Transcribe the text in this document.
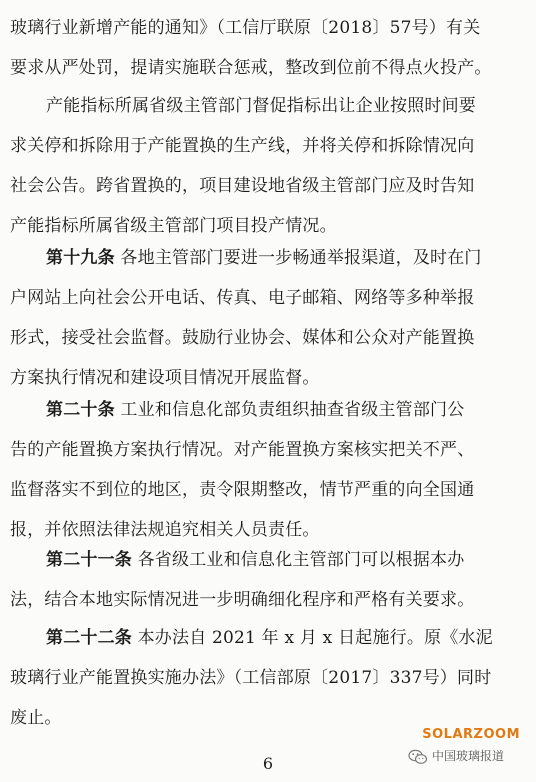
玻璃行业新增产能的通知》（工信厅联原〔2018〕57号）有关
要求从严处罚，提请实施联合惩戒，整改到位前不得点火投产。
产能指标所属省级主管部门督促指标出让企业按照时间要
求关停和拆除用于产能置换的生产线，并将关停和拆除情况向
社会公告。跨省置换的，项目建设地省级主管部门应及时告知
产能指标所属省级主管部门项目投产情况。
第十九条 各地主管部门要进一步畅通举报渠道，及时在门
户网站上向社会公开电话、传真、电子邮箱、网络等多种举报
形式，接受社会监督。鼓励行业协会、媒体和公众对产能置换
方案执行情况和建设项目情况开展监督。
第二十条 工业和信息化部负责组织抽查省级主管部门公
告的产能置换方案执行情况。对产能置换方案核实把关不严、
监督落实不到位的地区，责令限期整改，情节严重的向全国通
报，并依照法律法规追究相关人员责任。
第二十一条 各省级工业和信息化主管部门可以根据本办
法，结合本地实际情况进一步明确细化程序和严格有关要求。
第二十二条 本办法自 2021 年 x 月 x 日起施行。原《水泥
玻璃行业产能置换实施办法》（工信部原〔2017〕337号）同时
废止。
SOLARZOOM
中国玻璃报道
6
